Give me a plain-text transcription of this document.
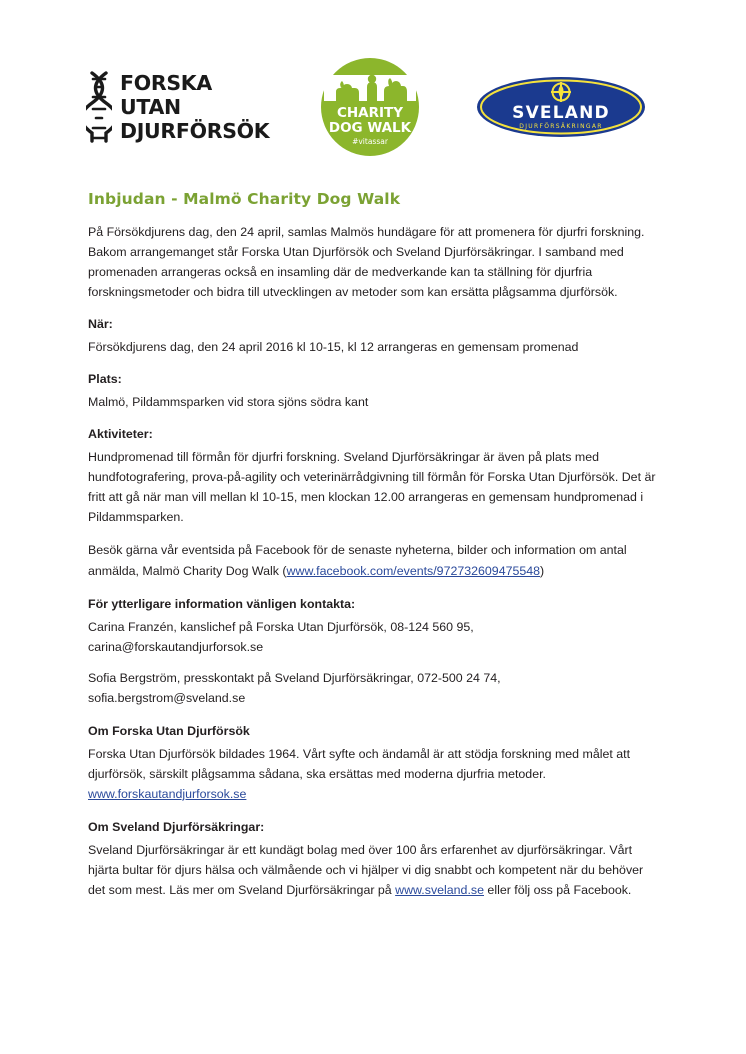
FORSKA UTAN
DJURFÖRSÖK
CHARITY
DOG WALK
#vitassar
SVELAND
DJURFÖRSÄKRINGAR
Inbjudan - Malmö Charity Dog Walk

På Försökdjurens dag, den 24 april, samlas Malmös hundägare för att promenera för djurfri forskning. Bakom arrangemanget står Forska Utan Djurförsök och Sveland Djurförsäkringar. I samband med promenaden arrangeras också en insamling där de medverkande kan ta ställning för djurfria forskningsmetoder och bidra till utvecklingen av metoder som kan ersätta plågsamma djurförsök.

När:

Försökdjurens dag, den 24 april 2016 kl 10-15, kl 12 arrangeras en gemensam promenad

Plats:

Malmö, Pildammsparken vid stora sjöns södra kant

Aktiviteter:

Hundpromenad till förmån för djurfri forskning. Sveland Djurförsäkringar är även på plats med hundfotografering, prova-på-agility och veterinärrådgivning till förmån för Forska Utan Djurförsök. Det är fritt att gå när man vill mellan kl 10-15, men klockan 12.00 arrangeras en gemensam hundpromenad i Pildammsparken.

Besök gärna vår eventsida på Facebook för de senaste nyheterna, bilder och information om antal anmälda, Malmö Charity Dog Walk (www.facebook.com/events/972732609475548)

För ytterligare information vänligen kontakta:

Carina Franzén, kanslichef på Forska Utan Djurförsök, 08-124 560 95,
carina@forskautandjurforsok.se

Sofia Bergström, presskontakt på Sveland Djurförsäkringar, 072-500 24 74,
sofia.bergstrom@sveland.se

Om Forska Utan Djurförsök

Forska Utan Djurförsök bildades 1964. Vårt syfte och ändamål är att stödja forskning med målet att djurförsök, särskilt plågsamma sådana, ska ersättas med moderna djurfria metoder.
www.forskautandjurforsok.se

Om Sveland Djurförsäkringar:

Sveland Djurförsäkringar är ett kundägt bolag med över 100 års erfarenhet av djurförsäkringar. Vårt hjärta bultar för djurs hälsa och välmående och vi hjälper vi dig snabbt och kompetent när du behöver det som mest. Läs mer om Sveland Djurförsäkringar på www.sveland.se eller följ oss på Facebook.
